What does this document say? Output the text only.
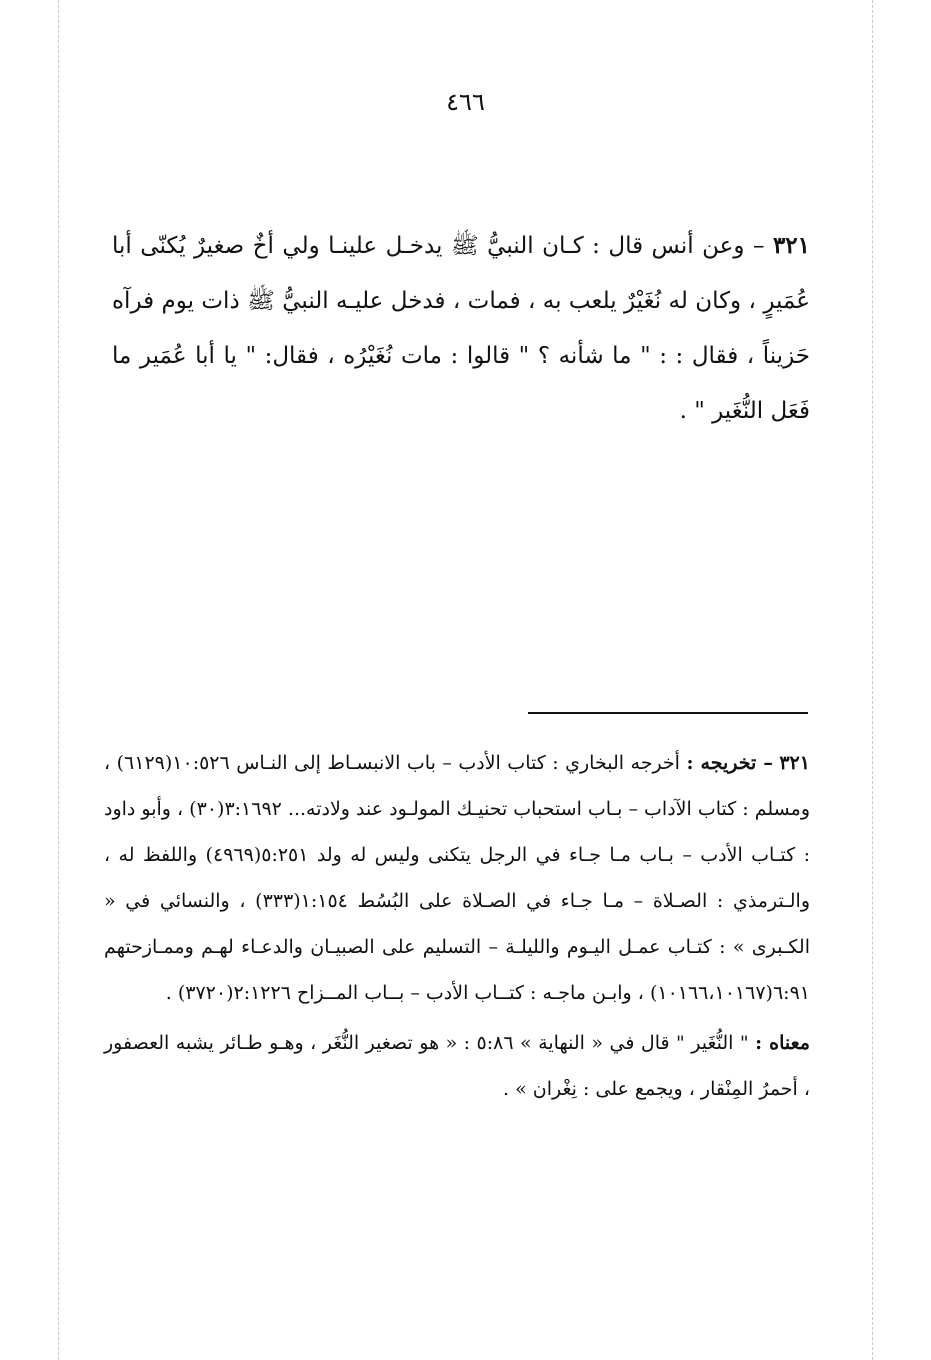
٤٦٦
٣٢١ – وعن أنس قال : كـان النبيُّ ﷺ يدخـل علينـا ولي أخٌ صغيرٌ يُكنّى أبا عُمَيرٍ ، وكان له نُغَيْرٌ يلعب به ، فمات ، فدخل عليـه النبيُّ ﷺ ذات يوم فرآه حَزيناً ، فقال : : " ما شأنه ؟ " قالوا : مات نُغَيْرُه ، فقال: " يا أبا عُمَير ما فَعَل النُّغَير " .

٣٢١ – تخريجه : أخرجه البخاري : كتاب الأدب – باب الانبسـاط إلى النـاس ١٠:٥٢٦(٦١٢٩) ، ومسلم : كتاب الآداب – بـاب استحباب تحنيـك المولـود عند ولادته... ٣:١٦٩٢(٣٠) ، وأبو داود : كتـاب الأدب – بـاب مـا جـاء في الرجل يتكنى وليس له ولد ٥:٢٥١(٤٩٦٩) واللفظ له ، والـترمذي : الصـلاة – مـا جـاء في الصـلاة على البُسُط ١:١٥٤(٣٣٣) ، والنسائي في « الكـبرى » : كتـاب عمـل اليـوم والليلـة – التسليم على الصبيـان والدعـاء لهـم وممـازحتهم ٦:٩١(١٠١٦٦،١٠١٦٧) ، وابـن ماجـه : كتــاب الأدب – بــاب المــزاح ٢:١٢٢٦(٣٧٢٠) .

معناه : " النُّغَير " قال في « النهاية » ٥:٨٦ : « هو تصغير النُّغَر ، وهـو طـائر يشبه العصفور ، أحمرُ المِنْقار ، ويجمع على : نِغْران » .
